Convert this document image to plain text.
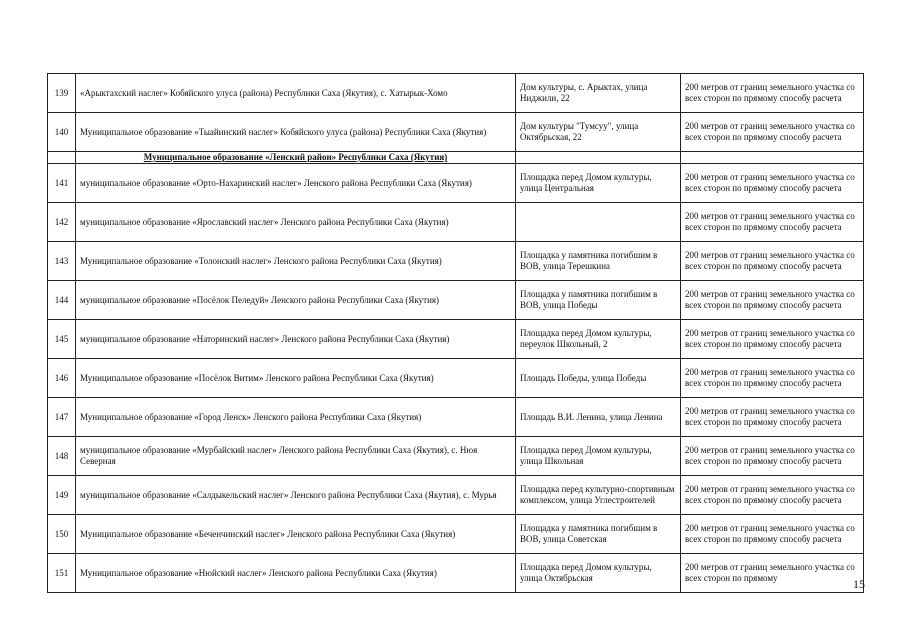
139	«Арыктахский наслег» Кобяйского улуса (района) Республики Саха (Якутия), с. Хатырык-Хомо	Дом культуры, с. Арыктах, улица Ниджили, 22	200 метров от границ земельного участка со всех сторон по прямому способу расчета
140	Муниципальное образование «Тыайинский наслег» Кобяйского улуса (района) Республики Саха (Якутия)	Дом культуры "Тумсуу", улица Октябрьская, 22	200 метров от границ земельного участка со всех сторон по прямому способу расчета
	Муниципальное образование «Ленский район» Республики Саха (Якутия)		
141	муниципальное образование «Орто-Нахаринский наслег» Ленского района Республики Саха (Якутия)	Площадка перед Домом культуры, улица Центральная	200 метров от границ земельного участка со всех сторон по прямому способу расчета
142	муниципальное образование «Ярославский наслег» Ленского района Республики Саха (Якутия)		200 метров от границ земельного участка со всех сторон по прямому способу расчета
143	Муниципальное образование «Толонский наслег» Ленского района Республики Саха (Якутия)	Площадка у памятника погибшим в ВОВ, улица Терешкина	200 метров от границ земельного участка со всех сторон по прямому способу расчета
144	муниципальное образование «Посёлок Пеледуй» Ленского района Республики Саха (Якутия)	Площадка у памятника погибшим в ВОВ, улица Победы	200 метров от границ земельного участка со всех сторон по прямому способу расчета
145	муниципальное образование «Наторинский наслег» Ленского района Республики Саха (Якутия)	Площадка перед Домом культуры, переулок Школьный, 2	200 метров от границ земельного участка со всех сторон по прямому способу расчета
146	Муниципальное образование «Посёлок Витим» Ленского района Республики Саха (Якутия)	Площадь Победы, улица Победы	200 метров от границ земельного участка со всех сторон по прямому способу расчета
147	Муниципальное образование «Город Ленск» Ленского района Республики Саха (Якутия)	Площадь В.И. Ленина, улица Ленина	200 метров от границ земельного участка со всех сторон по прямому способу расчета
148	муниципальное образование «Мурбайский наслег» Ленского района Республики Саха (Якутия), с. Нюя Северная	Площадка перед Домом культуры, улица Школьная	200 метров от границ земельного участка со всех сторон по прямому способу расчета
149	муниципальное образование «Салдыкельский наслег» Ленского района Республики Саха (Якутия), с. Мурья	Площадка перед культурно-спортивным комплексом, улица Углестроителей	200 метров от границ земельного участка со всех сторон по прямому способу расчета
150	Муниципальное образование «Беченчинский наслег» Ленского района Республики Саха (Якутия)	Площадка у памятника погибшим в ВОВ, улица Советская	200 метров от границ земельного участка со всех сторон по прямому способу расчета
151	Муниципальное образование «Нюйский наслег» Ленского района Республики Саха (Якутия)	Площадка перед Домом культуры, улица Октябрьская	200 метров от границ земельного участка со всех сторон по прямому	15
